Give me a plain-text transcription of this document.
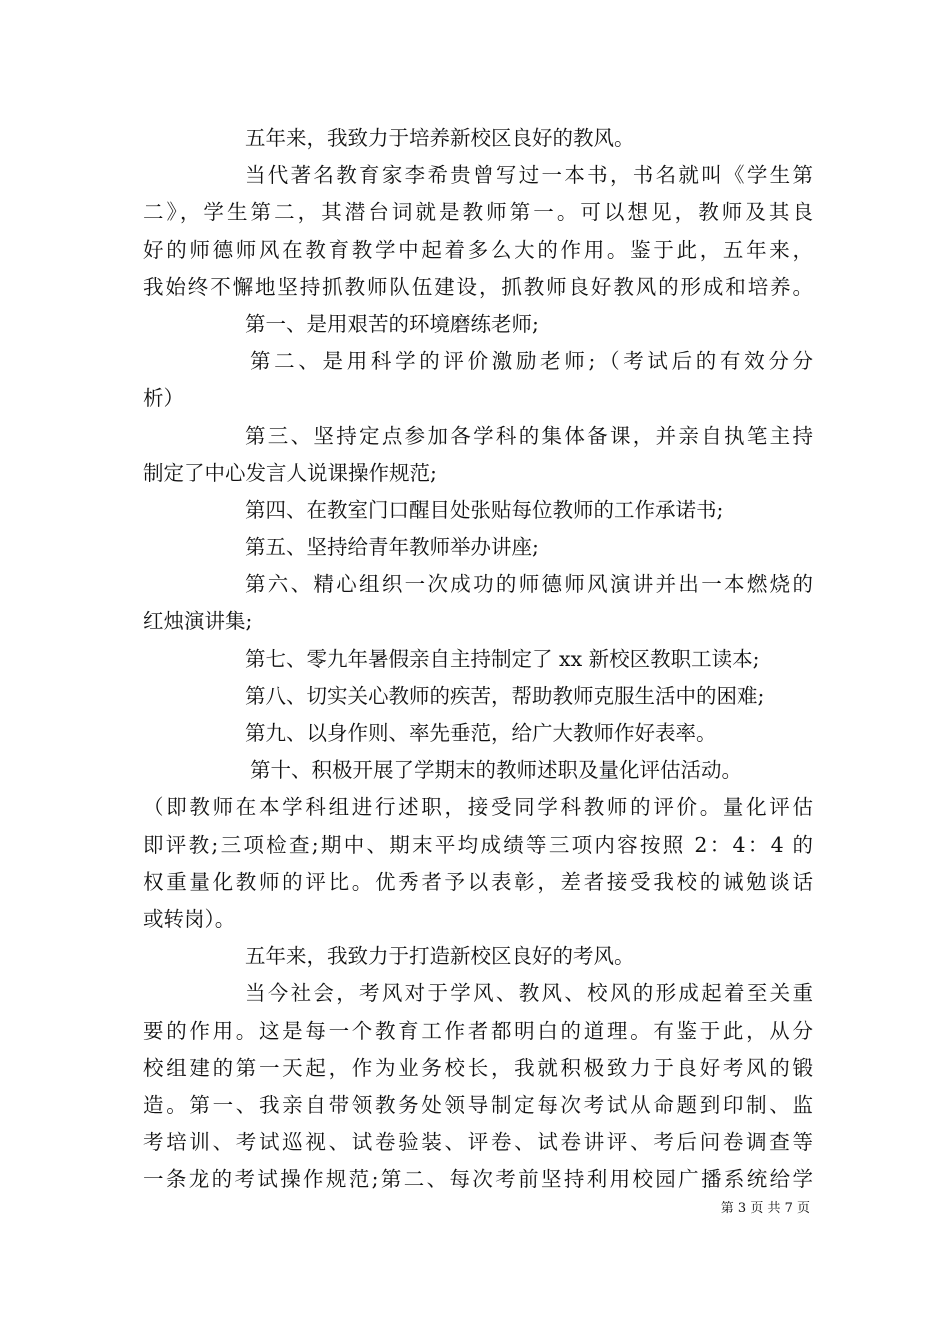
五年来，我致力于培养新校区良好的教风。
当代著名教育家李希贵曾写过一本书，书名就叫《学生第
二》，学生第二，其潜台词就是教师第一。可以想见，教师及其良
好的师德师风在教育教学中起着多么大的作用。鉴于此，五年来，
我始终不懈地坚持抓教师队伍建设，抓教师良好教风的形成和培养。
第一、是用艰苦的环境磨练老师;
第二、是用科学的评价激励老师;（考试后的有效分分
析）
第三、坚持定点参加各学科的集体备课，并亲自执笔主持
制定了中心发言人说课操作规范;
第四、在教室门口醒目处张贴每位教师的工作承诺书;
第五、坚持给青年教师举办讲座;
第六、精心组织一次成功的师德师风演讲并出一本燃烧的
红烛演讲集;
第七、零九年暑假亲自主持制定了 xx 新校区教职工读本;
第八、切实关心教师的疾苦，帮助教师克服生活中的困难;
第九、以身作则、率先垂范，给广大教师作好表率。
第十、积极开展了学期末的教师述职及量化评估活动。
（即教师在本学科组进行述职，接受同学科教师的评价。量化评估
即评教;三项检查;期中、期末平均成绩等三项内容按照 2：4：4 的
权重量化教师的评比。优秀者予以表彰，差者接受我校的诫勉谈话
或转岗）。
五年来，我致力于打造新校区良好的考风。
当今社会，考风对于学风、教风、校风的形成起着至关重
要的作用。这是每一个教育工作者都明白的道理。有鉴于此，从分
校组建的第一天起，作为业务校长，我就积极致力于良好考风的锻
造。第一、我亲自带领教务处领导制定每次考试从命题到印制、监
考培训、考试巡视、试卷验装、评卷、试卷讲评、考后问卷调查等
一条龙的考试操作规范;第二、每次考前坚持利用校园广播系统给学
第 3 页 共 7 页
